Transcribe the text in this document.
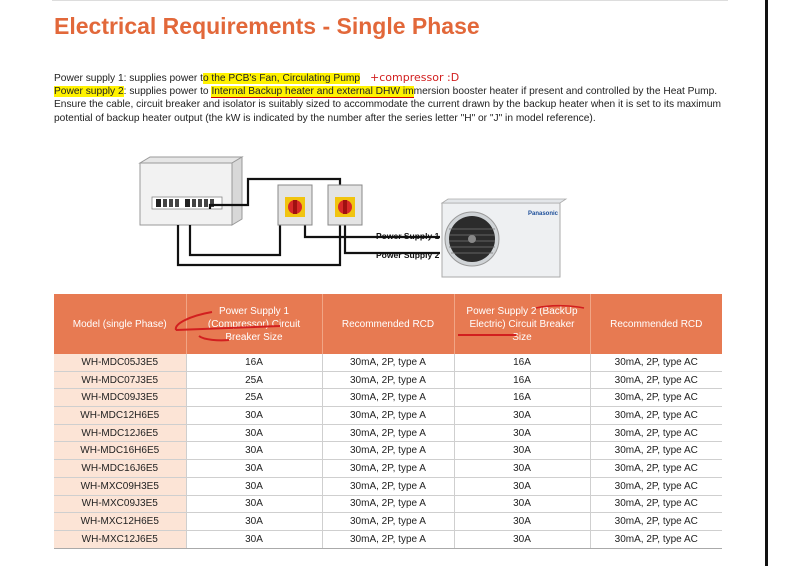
Electrical Requirements - Single Phase

Power supply 1: supplies power to the PCB's Fan, Circulating Pump +compressor :D

Power supply 2: supplies power to Internal Backup heater and external DHW immersion booster heater if present and controlled by the Heat Pump. Ensure the cable, circuit breaker and isolator is suitably sized to accommodate the current drawn by the backup heater when it is set to its maximum potential of backup heater output (the kW is indicated by the number after the series letter "H" or "J" in model reference).

Power Supply 1
Power Supply 2
Panasonic
Model (single Phase)	Power Supply 1 (Compressor) Circuit Breaker Size	Recommended RCD	Power Supply 2 (BackUp Electric) Circuit Breaker Size	Recommended RCD
WH-MDC05J3E5	16A	30mA, 2P, type A	16A	30mA, 2P, type AC
WH-MDC07J3E5	25A	30mA, 2P, type A	16A	30mA, 2P, type AC
WH-MDC09J3E5	25A	30mA, 2P, type A	16A	30mA, 2P, type AC
WH-MDC12H6E5	30A	30mA, 2P, type A	30A	30mA, 2P, type AC
WH-MDC12J6E5	30A	30mA, 2P, type A	30A	30mA, 2P, type AC
WH-MDC16H6E5	30A	30mA, 2P, type A	30A	30mA, 2P, type AC
WH-MDC16J6E5	30A	30mA, 2P, type A	30A	30mA, 2P, type AC
WH-MXC09H3E5	30A	30mA, 2P, type A	30A	30mA, 2P, type AC
WH-MXC09J3E5	30A	30mA, 2P, type A	30A	30mA, 2P, type AC
WH-MXC12H6E5	30A	30mA, 2P, type A	30A	30mA, 2P, type AC
WH-MXC12J6E5	30A	30mA, 2P, type A	30A	30mA, 2P, type AC
